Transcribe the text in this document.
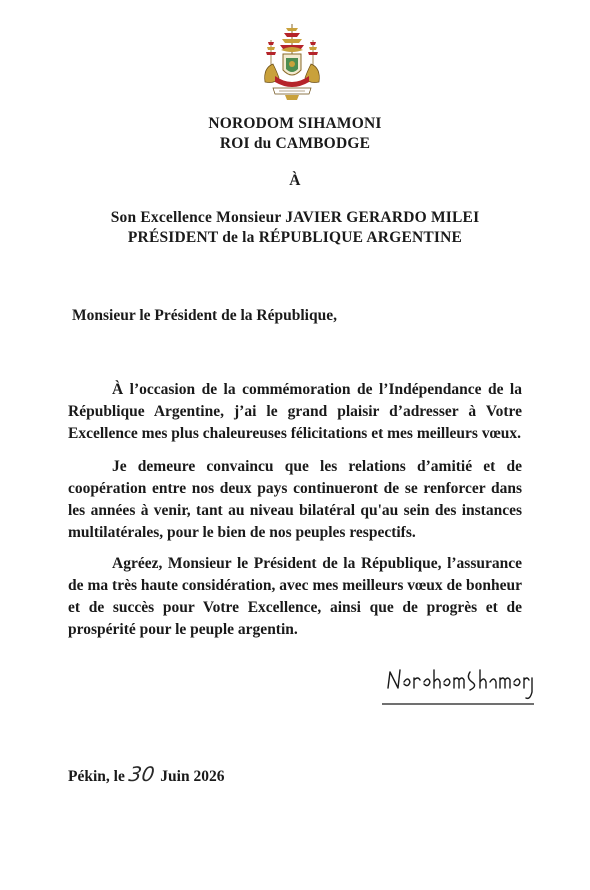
NORODOM SIHAMONI
ROI du CAMBODGE
À
Son Excellence Monsieur JAVIER GERARDO MILEI
PRÉSIDENT de la RÉPUBLIQUE ARGENTINE
Monsieur le Président de la République,

À l’occasion de la commémoration de l’Indépendance de la République Argentine, j’ai le grand plaisir d’adresser à Votre Excellence mes plus chaleureuses félicitations et mes meilleurs vœux.

Je demeure convaincu que les relations d’amitié et de coopération entre nos deux pays continueront de se renforcer dans les années à venir, tant au niveau bilatéral qu'au sein des instances multilatérales, pour le bien de nos peuples respectifs.

Agréez, Monsieur le Président de la République, l’assurance de ma très haute considération, avec mes meilleurs vœux de bonheur et de succès pour Votre Excellence, ainsi que de progrès et de prospérité pour le peuple argentin.

Pékin, le 30 Juin 2026
